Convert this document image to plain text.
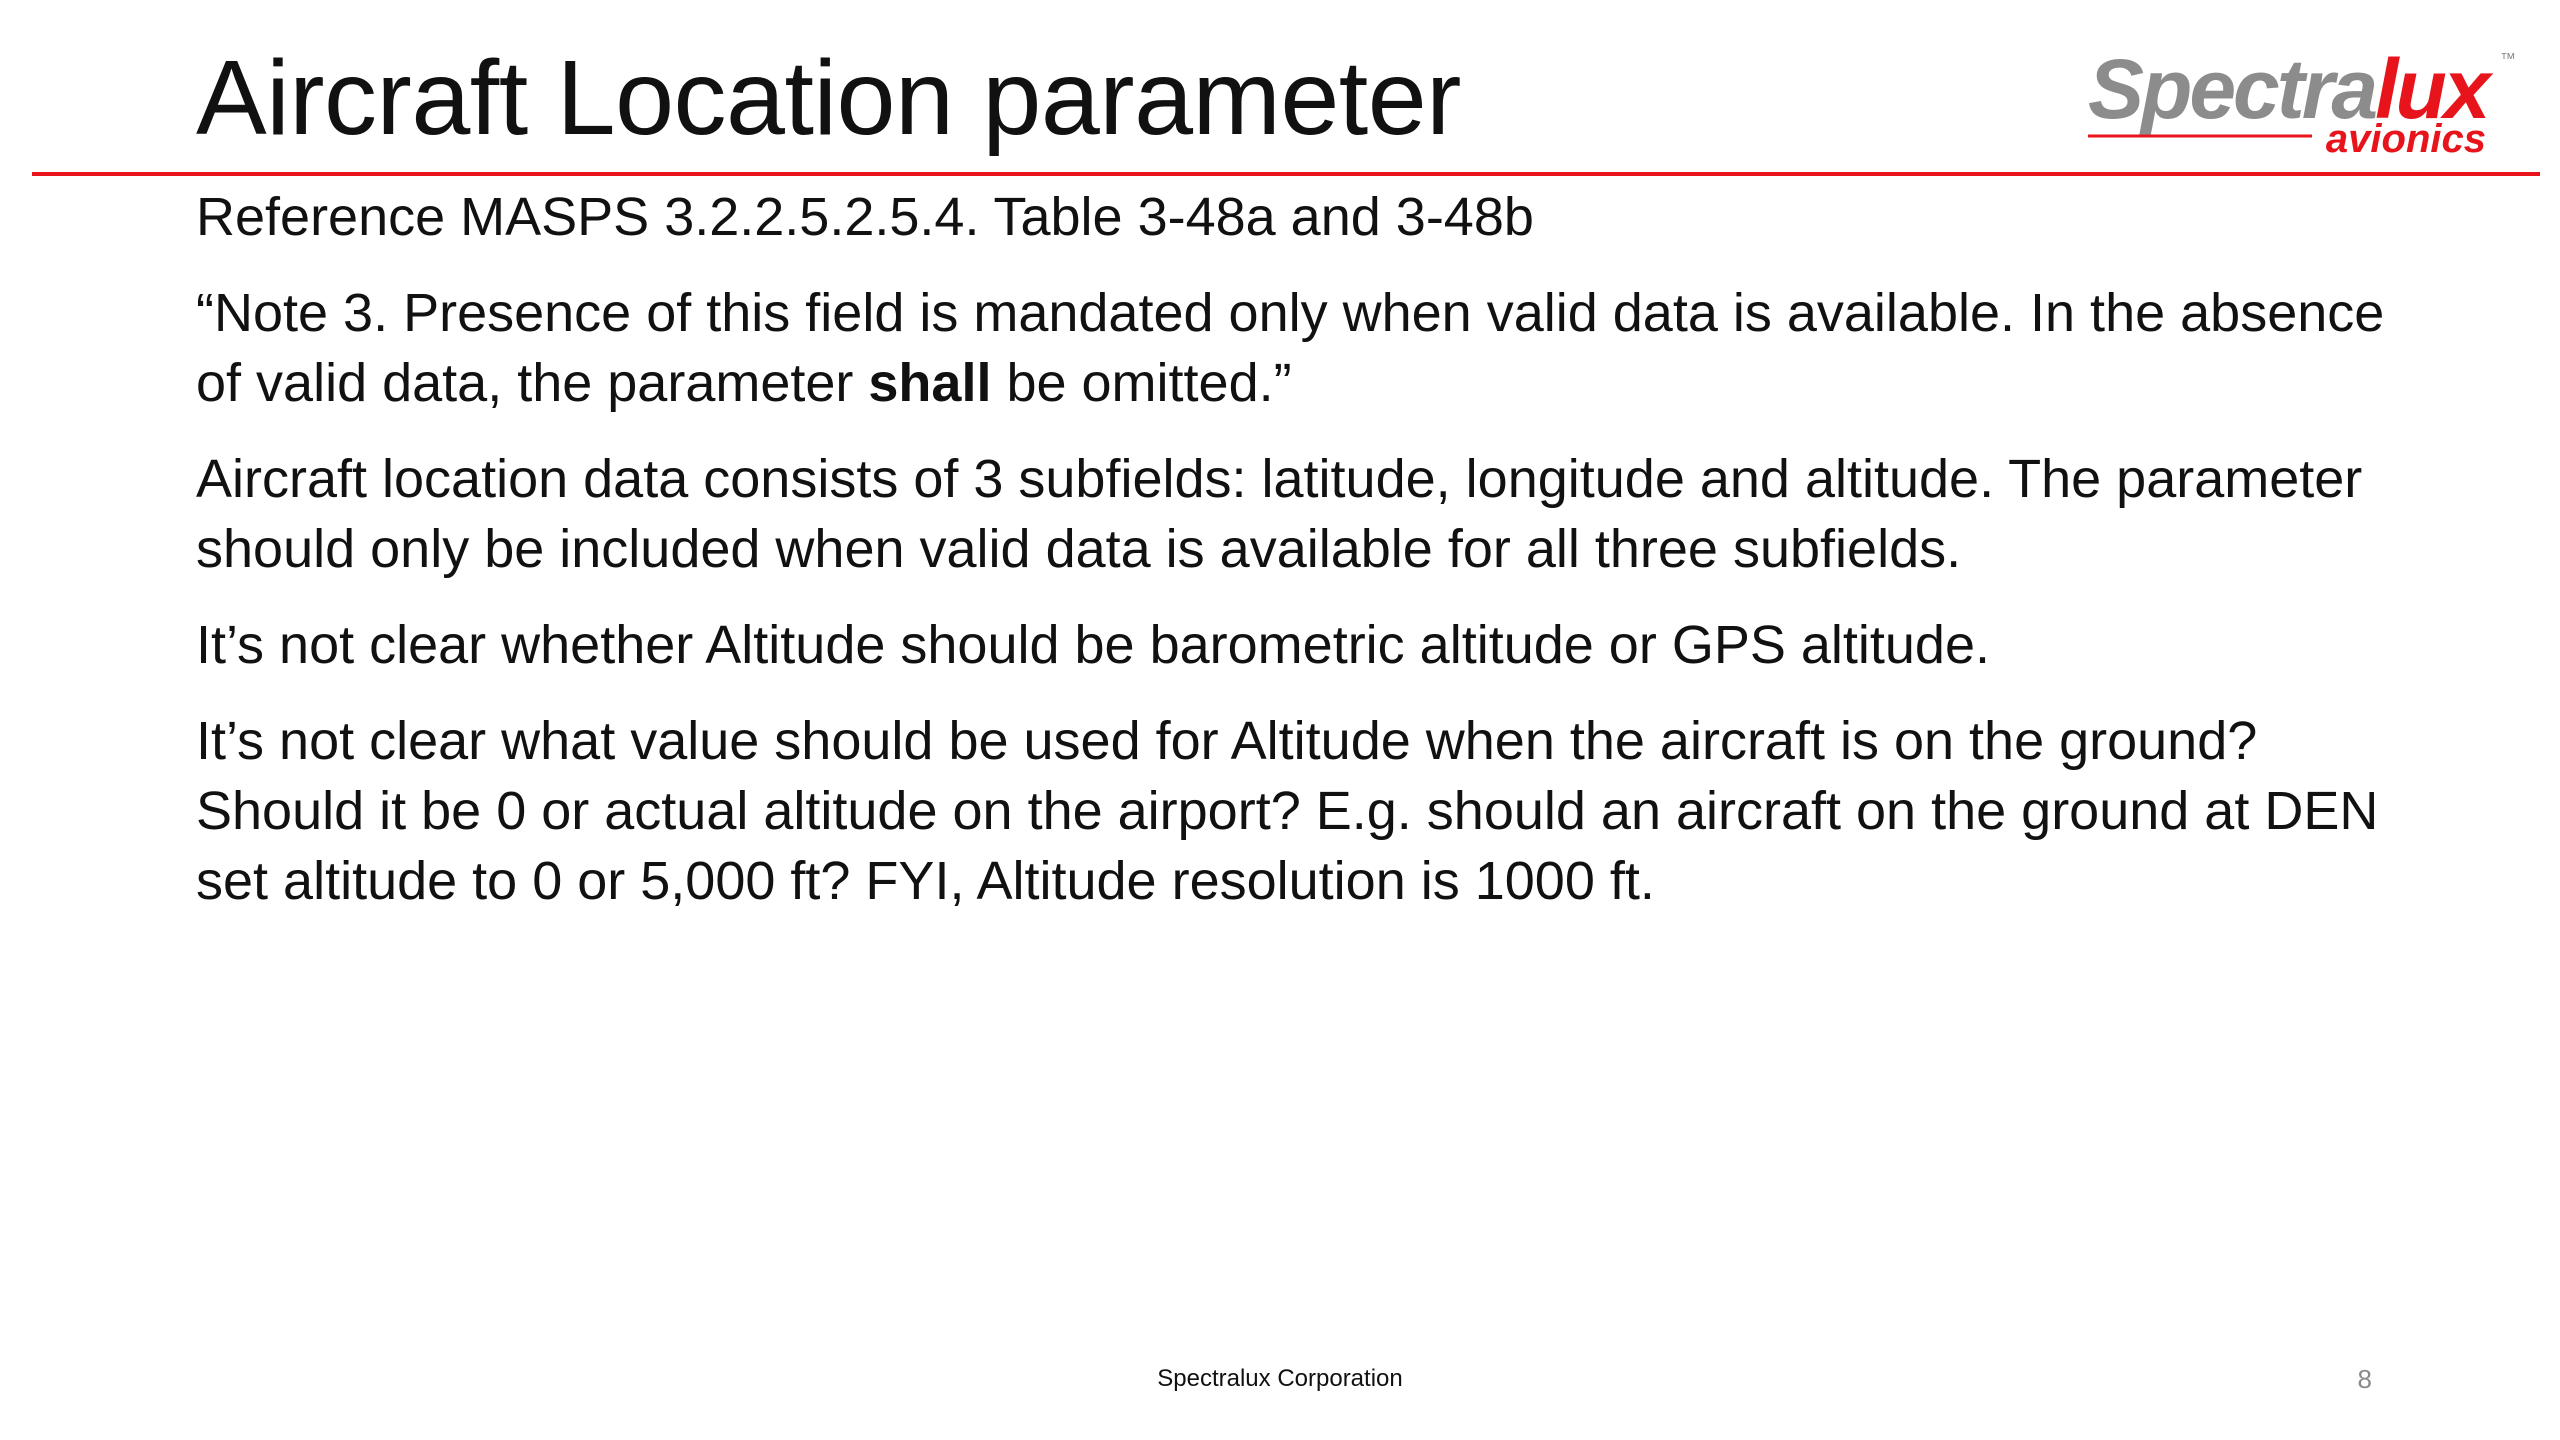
Aircraft Location parameter	Spectralux ™
avionics

Reference MASPS 3.2.2.5.2.5.4. Table 3-48a and 3-48b

“Note 3. Presence of this field is mandated only when valid data is available. In the absence of valid data, the parameter shall be omitted.”

Aircraft location data consists of 3 subfields: latitude, longitude and altitude. The parameter should only be included when valid data is available for all three subfields.

It’s not clear whether Altitude should be barometric altitude or GPS altitude.

It’s not clear what value should be used for Altitude when the aircraft is on the ground? Should it be 0 or actual altitude on the airport? E.g. should an aircraft on the ground at DEN set altitude to 0 or 5,000 ft? FYI, Altitude resolution is 1000 ft.

Spectralux Corporation	8
